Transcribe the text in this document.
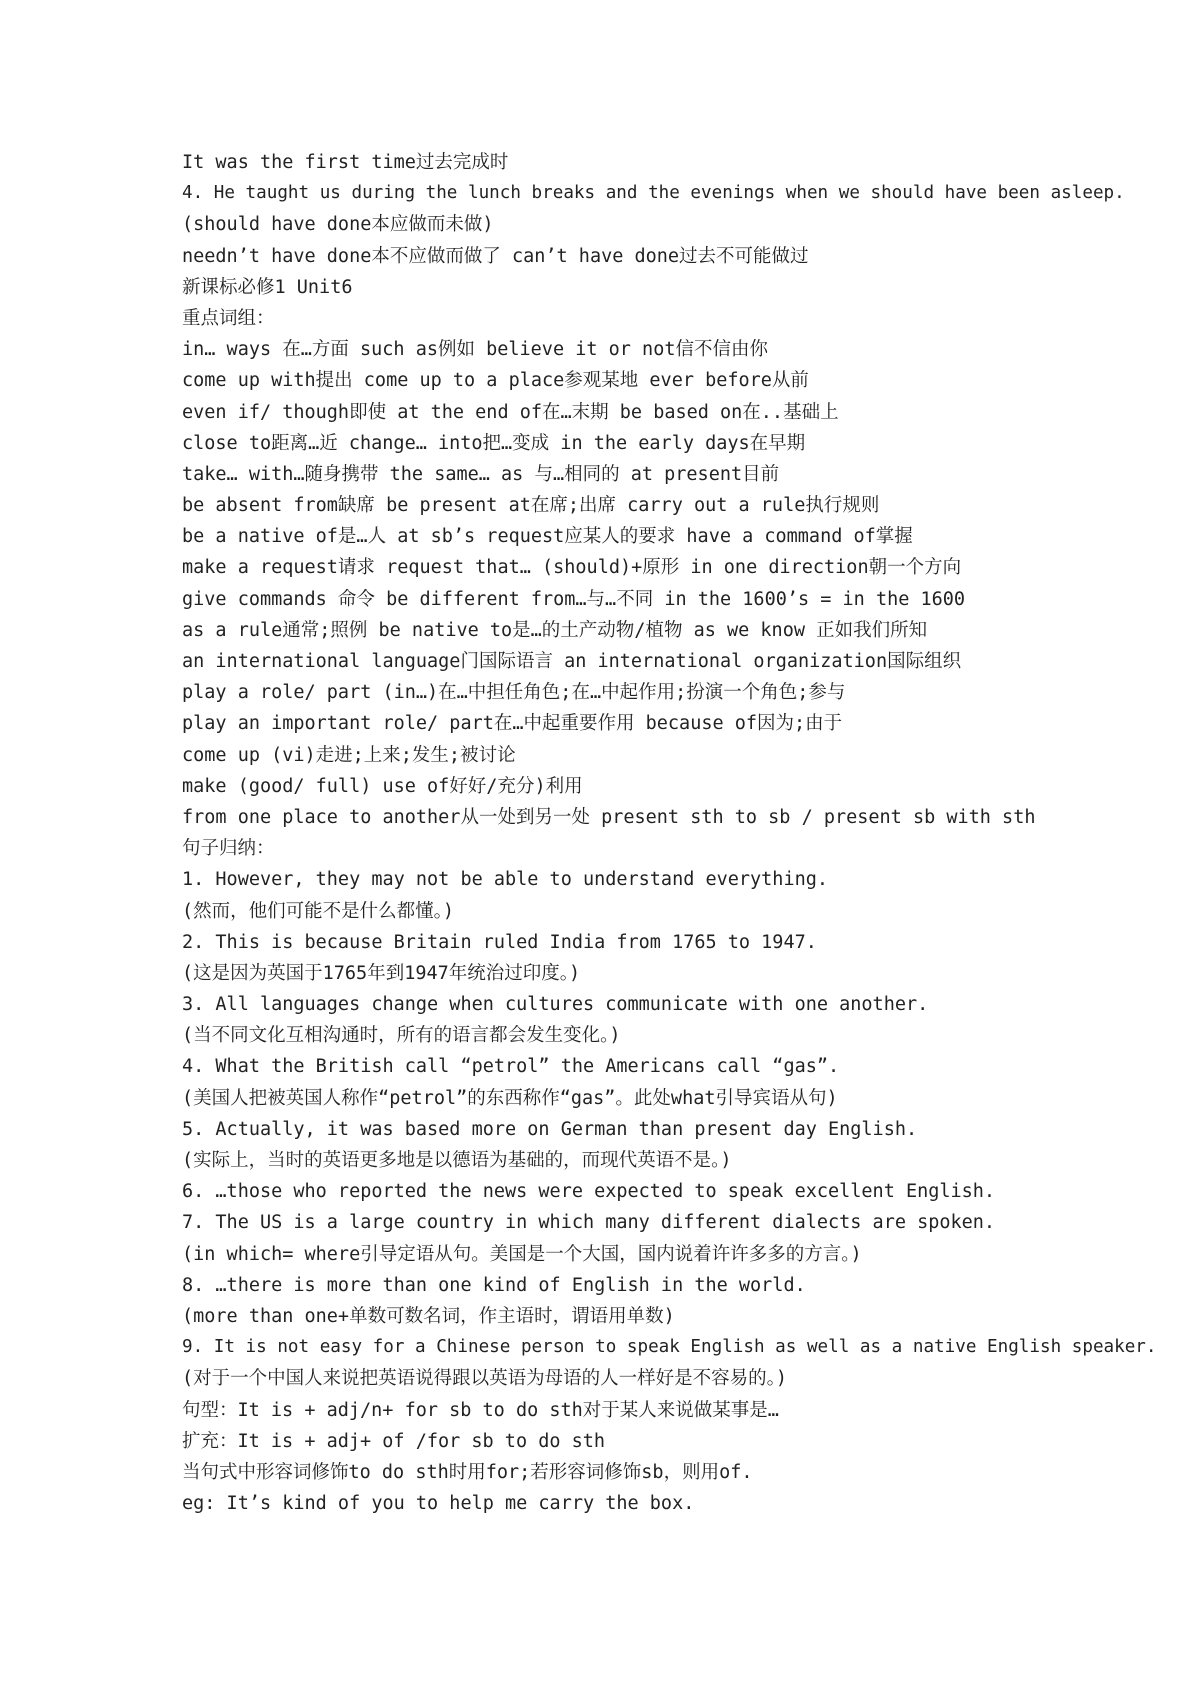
It was the first time过去完成时
4. He taught us during the lunch breaks and the evenings when we should have been asleep.
(should have done本应做而未做)
needn’t have done本不应做而做了 can’t have done过去不可能做过
新课标必修1 Unit6
重点词组：
in… ways 在…方面 such as例如 believe it or not信不信由你
come up with提出 come up to a place参观某地 ever before从前
even if/ though即使 at the end of在…末期 be based on在..基础上
close to距离…近 change… into把…变成 in the early days在早期
take… with…随身携带 the same… as 与…相同的 at present目前
be absent from缺席 be present at在席;出席 carry out a rule执行规则
be a native of是…人 at sb’s request应某人的要求 have a command of掌握
make a request请求 request that… (should)+原形 in one direction朝一个方向
give commands 命令 be different from…与…不同 in the 1600’s = in the 1600
as a rule通常;照例 be native to是…的土产动物/植物 as we know 正如我们所知
an international language门国际语言 an international organization国际组织
play a role/ part (in…)在…中担任角色;在…中起作用;扮演一个角色;参与
play an important role/ part在…中起重要作用 because of因为;由于
come up (vi)走进;上来;发生;被讨论
make (good/ full) use of好好/充分)利用
from one place to another从一处到另一处 present sth to sb / present sb with sth
句子归纳：
1. However, they may not be able to understand everything.
(然而，他们可能不是什么都懂。)
2. This is because Britain ruled India from 1765 to 1947.
(这是因为英国于1765年到1947年统治过印度。)
3. All languages change when cultures communicate with one another.
(当不同文化互相沟通时，所有的语言都会发生变化。)
4. What the British call “petrol” the Americans call “gas”.
(美国人把被英国人称作“petrol”的东西称作“gas”。此处what引导宾语从句)
5. Actually, it was based more on German than present day English.
(实际上，当时的英语更多地是以德语为基础的，而现代英语不是。)
6. …those who reported the news were expected to speak excellent English.
7. The US is a large country in which many different dialects are spoken.
(in which= where引导定语从句。美国是一个大国，国内说着许许多多的方言。)
8. …there is more than one kind of English in the world.
(more than one+单数可数名词，作主语时，谓语用单数)
9. It is not easy for a Chinese person to speak English as well as a native English speaker.
(对于一个中国人来说把英语说得跟以英语为母语的人一样好是不容易的。)
句型：It is + adj/n+ for sb to do sth对于某人来说做某事是…
扩充：It is + adj+ of /for sb to do sth
当句式中形容词修饰to do sth时用for;若形容词修饰sb，则用of.
eg: It’s kind of you to help me carry the box.
